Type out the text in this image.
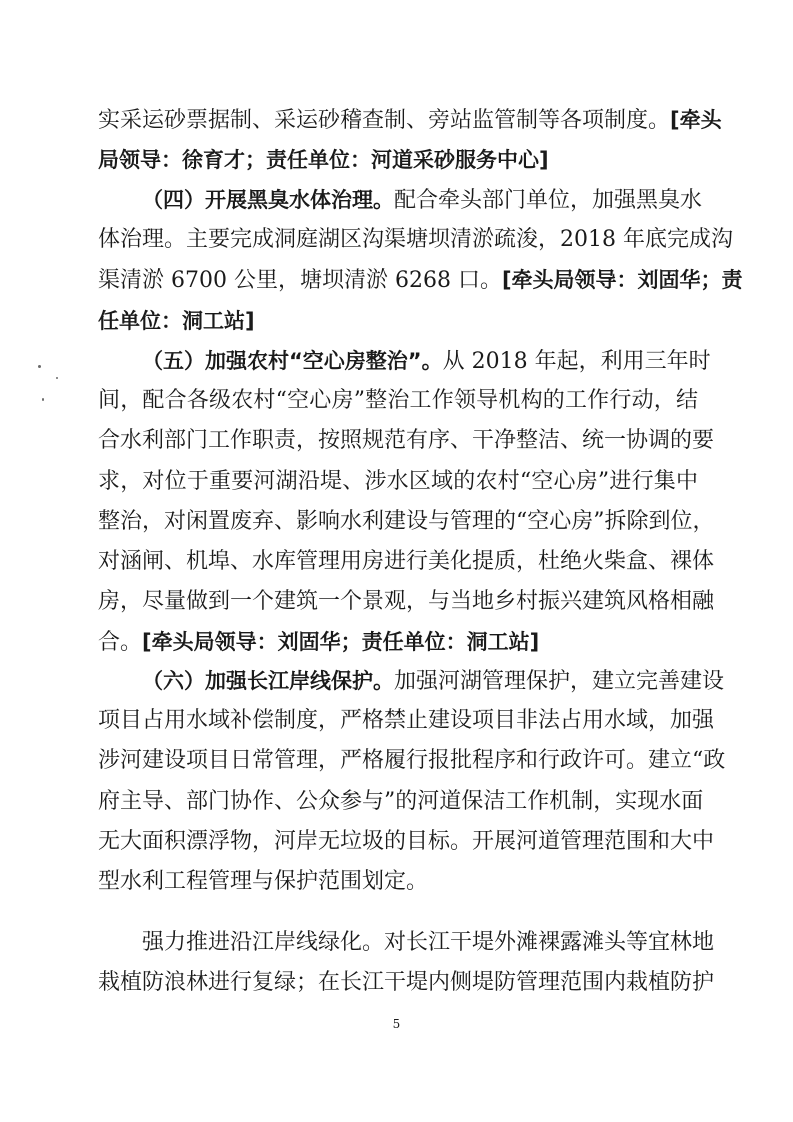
实采运砂票据制、采运砂稽查制、旁站监管制等各项制度。[牵头
局领导：徐育才；责任单位：河道采砂服务中心]
（四）开展黑臭水体治理。配合牵头部门单位，加强黑臭水
体治理。主要完成洞庭湖区沟渠塘坝清淤疏浚，2018 年底完成沟
渠清淤 6700 公里，塘坝清淤 6268 口。[牵头局领导：刘固华；责
任单位：洞工站]
（五）加强农村“空心房整治”。从 2018 年起，利用三年时
间，配合各级农村“空心房”整治工作领导机构的工作行动，结
合水利部门工作职责，按照规范有序、干净整洁、统一协调的要
求，对位于重要河湖沿堤、涉水区域的农村“空心房”进行集中
整治，对闲置废弃、影响水利建设与管理的“空心房”拆除到位，
对涵闸、机埠、水库管理用房进行美化提质，杜绝火柴盒、裸体
房，尽量做到一个建筑一个景观，与当地乡村振兴建筑风格相融
合。[牵头局领导：刘固华；责任单位：洞工站]
（六）加强长江岸线保护。加强河湖管理保护，建立完善建设
项目占用水域补偿制度，严格禁止建设项目非法占用水域，加强
涉河建设项目日常管理，严格履行报批程序和行政许可。建立“政
府主导、部门协作、公众参与”的河道保洁工作机制，实现水面
无大面积漂浮物，河岸无垃圾的目标。开展河道管理范围和大中
型水利工程管理与保护范围划定。
强力推进沿江岸线绿化。对长江干堤外滩裸露滩头等宜林地
栽植防浪林进行复绿；在长江干堤内侧堤防管理范围内栽植防护
5
